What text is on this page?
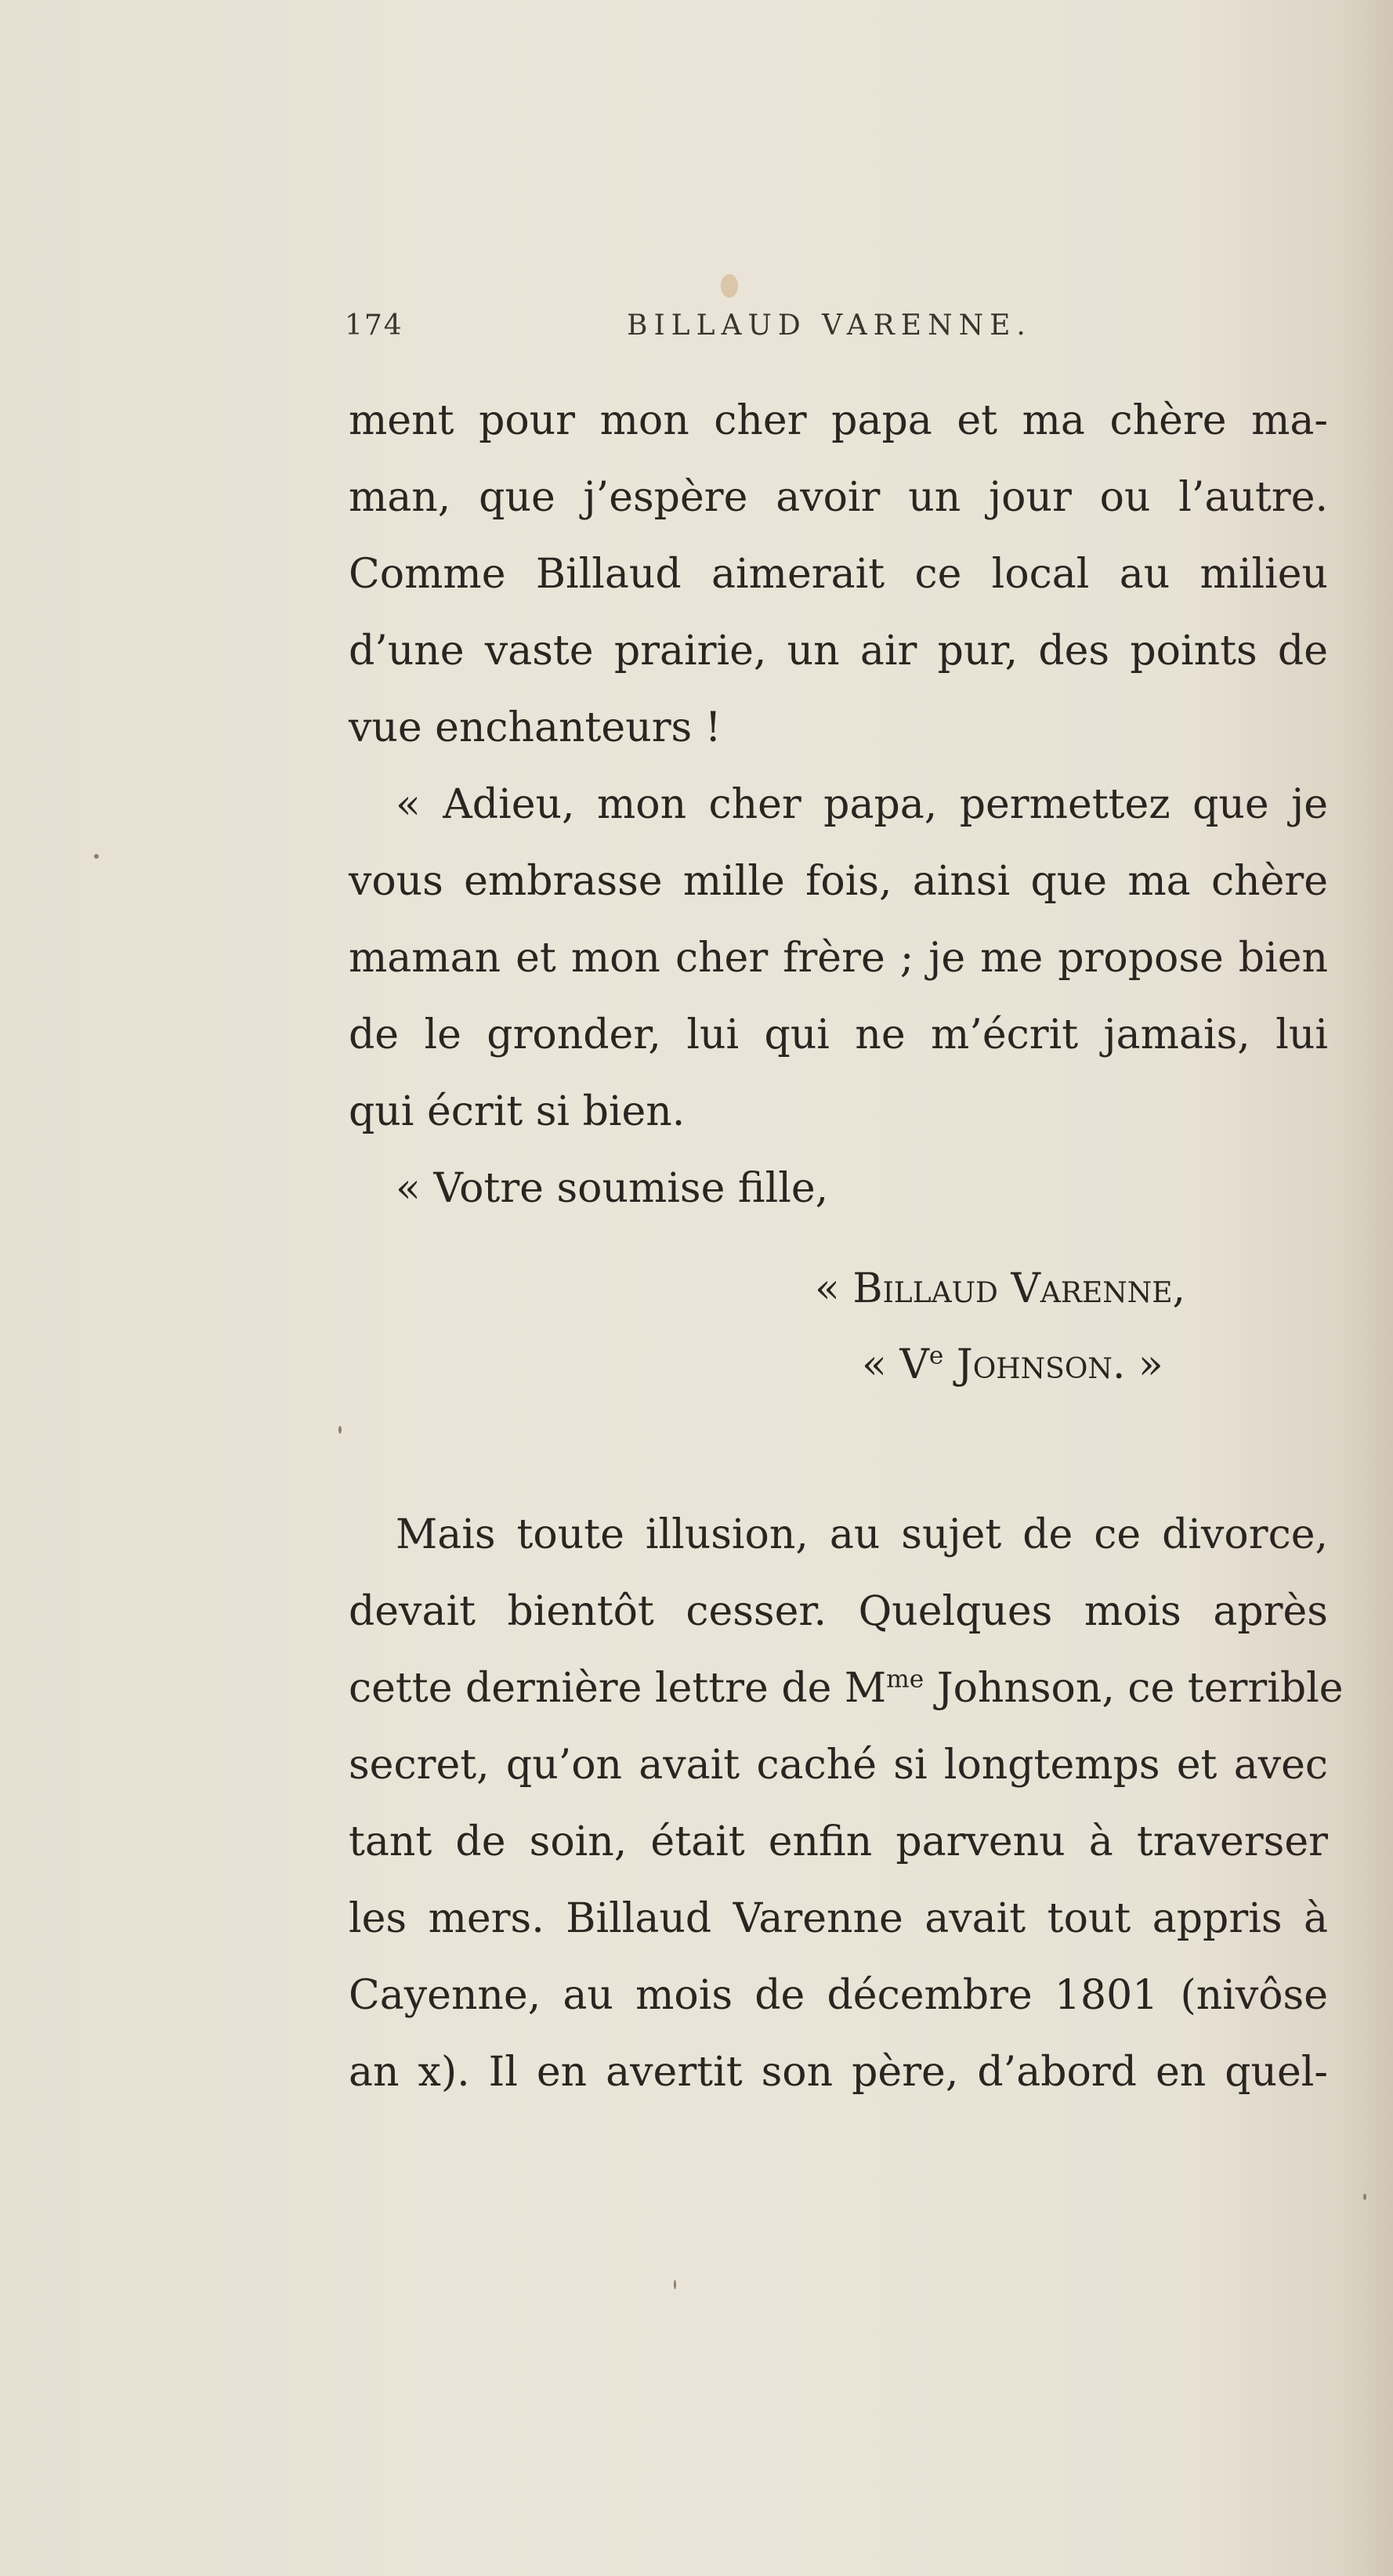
174	BILLAUD VARENNE.
ment pour mon cher papa et ma chère ma-
man, que j’espère avoir un jour ou l’autre.
Comme Billaud aimerait ce local au milieu
d’une vaste prairie, un air pur, des points de
vue enchanteurs !
« Adieu, mon cher papa, permettez que je
vous embrasse mille fois, ainsi que ma chère
maman et mon cher frère ; je me propose bien
de le gronder, lui qui ne m’écrit jamais, lui
qui écrit si bien.
« Votre soumise fille,
« Billaud Varenne,
« Ve Johnson. »
Mais toute illusion, au sujet de ce divorce,
devait bientôt cesser. Quelques mois après
cette dernière lettre de $M^{me}$ Johnson, ce terrible
secret, qu’on avait caché si longtemps et avec
tant de soin, était enfin parvenu à traverser
les mers. Billaud Varenne avait tout appris à
Cayenne, au mois de décembre 1801 (nivôse
an x). Il en avertit son père, d’abord en quel-
